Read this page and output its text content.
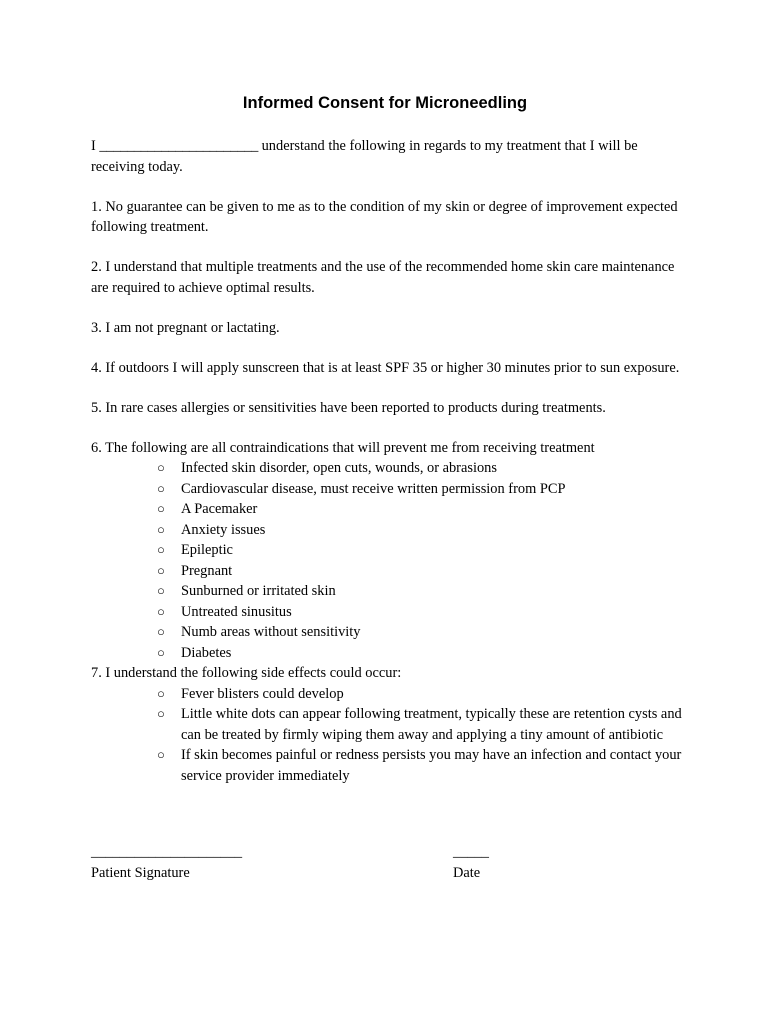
Informed Consent for Microneedling

I _______________________ understand the following in regards to my treatment that I will be receiving today.

1. No guarantee can be given to me as to the condition of my skin or degree of improvement expected following treatment.

2. I understand that multiple treatments and the use of the recommended home skin care maintenance are required to achieve optimal results.

3. I am not pregnant or lactating.

4. If outdoors I will apply sunscreen that is at least SPF 35 or higher 30 minutes prior to sun exposure.

5. In rare cases allergies or sensitivities have been reported to products during treatments.

6. The following are all contraindications that will prevent me from receiving treatment

○ Infected skin disorder, open cuts, wounds, or abrasions
○ Cardiovascular disease, must receive written permission from PCP
○ A Pacemaker
○ Anxiety issues
○ Epileptic
○ Pregnant
○ Sunburned or irritated skin
○ Untreated sinusitus
○ Numb areas without sensitivity
○ Diabetes

7. I understand the following side effects could occur:

○ Fever blisters could develop
○ Little white dots can appear following treatment, typically these are retention cysts and can be treated by firmly wiping them away and applying a tiny amount of antibiotic
○ If skin becomes painful or redness persists you may have an infection and contact your service provider immediately
_____________________
Patient Signature
_____
Date
